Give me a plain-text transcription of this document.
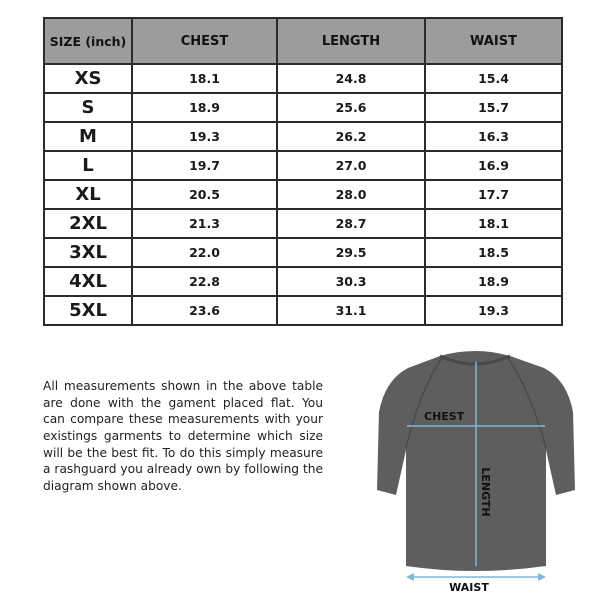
SIZE (inch)	CHEST	LENGTH	WAIST
XS	18.1	24.8	15.4
S	18.9	25.6	15.7
M	19.3	26.2	16.3
L	19.7	27.0	16.9
XL	20.5	28.0	17.7
2XL	21.3	28.7	18.1
3XL	22.0	29.5	18.5
4XL	22.8	30.3	18.9
5XL	23.6	31.1	19.3

All measurements shown in the above table are done with the gament placed flat. You can compare these measurements with your existings garments to determine which size will be the best fit. To do this simply measure a rashguard you already own by following the diagram shown above.

CHEST
LENGTH
WAIST
